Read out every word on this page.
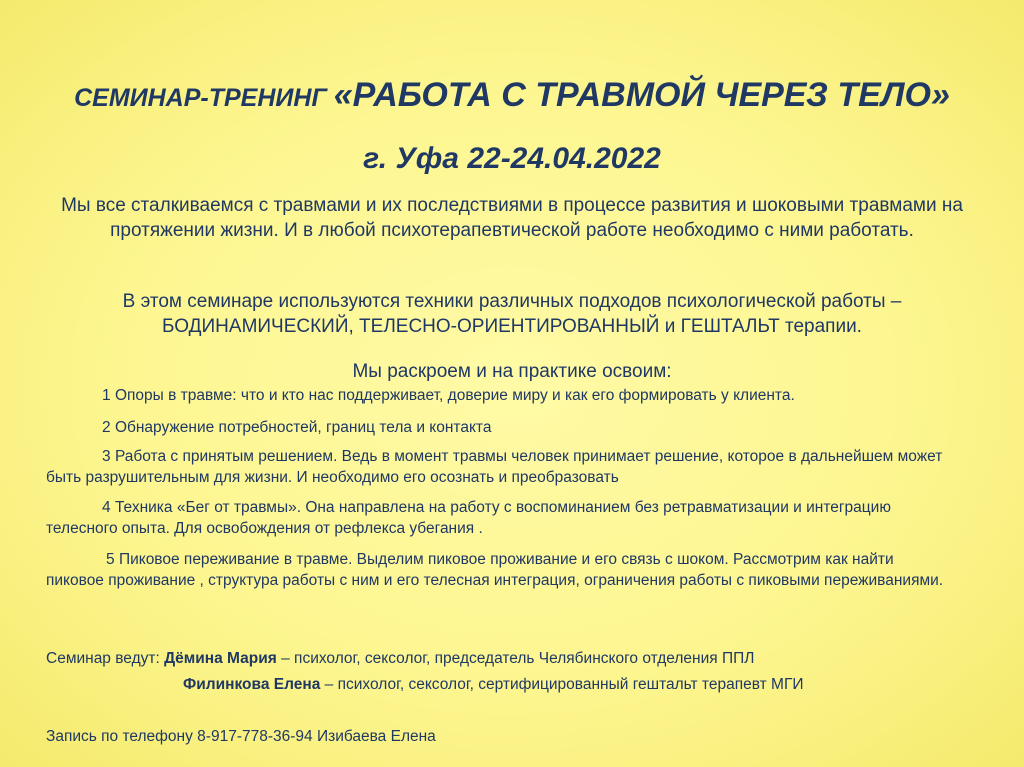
СЕМИНАР-ТРЕНИНГ «РАБОТА С ТРАВМОЙ ЧЕРЕЗ ТЕЛО»
г. Уфа 22-24.04.2022
Мы все сталкиваемся с травмами и их последствиями в процессе развития и шоковыми травмами на протяжении жизни. И в любой психотерапевтической работе необходимо с ними работать.
В этом семинаре используются техники различных подходов психологической работы – БОДИНАМИЧЕСКИЙ, ТЕЛЕСНО-ОРИЕНТИРОВАННЫЙ и ГЕШТАЛЬТ терапии.
Мы раскроем и на практике освоим:
1 Опоры в травме: что и кто нас поддерживает, доверие миру и как его формировать у клиента.
2 Обнаружение потребностей, границ тела и контакта
3 Работа с принятым решением. Ведь в момент травмы человек принимает решение, которое в дальнейшем может быть разрушительным для жизни. И необходимо его осознать и преобразовать
4 Техника «Бег от травмы». Она направлена на работу с воспоминанием без ретравматизации и интеграцию телесного опыта. Для освобождения от рефлекса убегания .
5 Пиковое переживание в травме. Выделим пиковое проживание и его связь с шоком. Рассмотрим как найти пиковое проживание , структура работы с ним и его телесная интеграция, ограничения работы с пиковыми переживаниями.
Семинар ведут: Дёмина Мария – психолог, сексолог, председатель Челябинского отделения ППЛ
Филинкова Елена – психолог, сексолог, сертифицированный гештальт терапевт МГИ
Запись по телефону 8-917-778-36-94 Изибаева Елена
